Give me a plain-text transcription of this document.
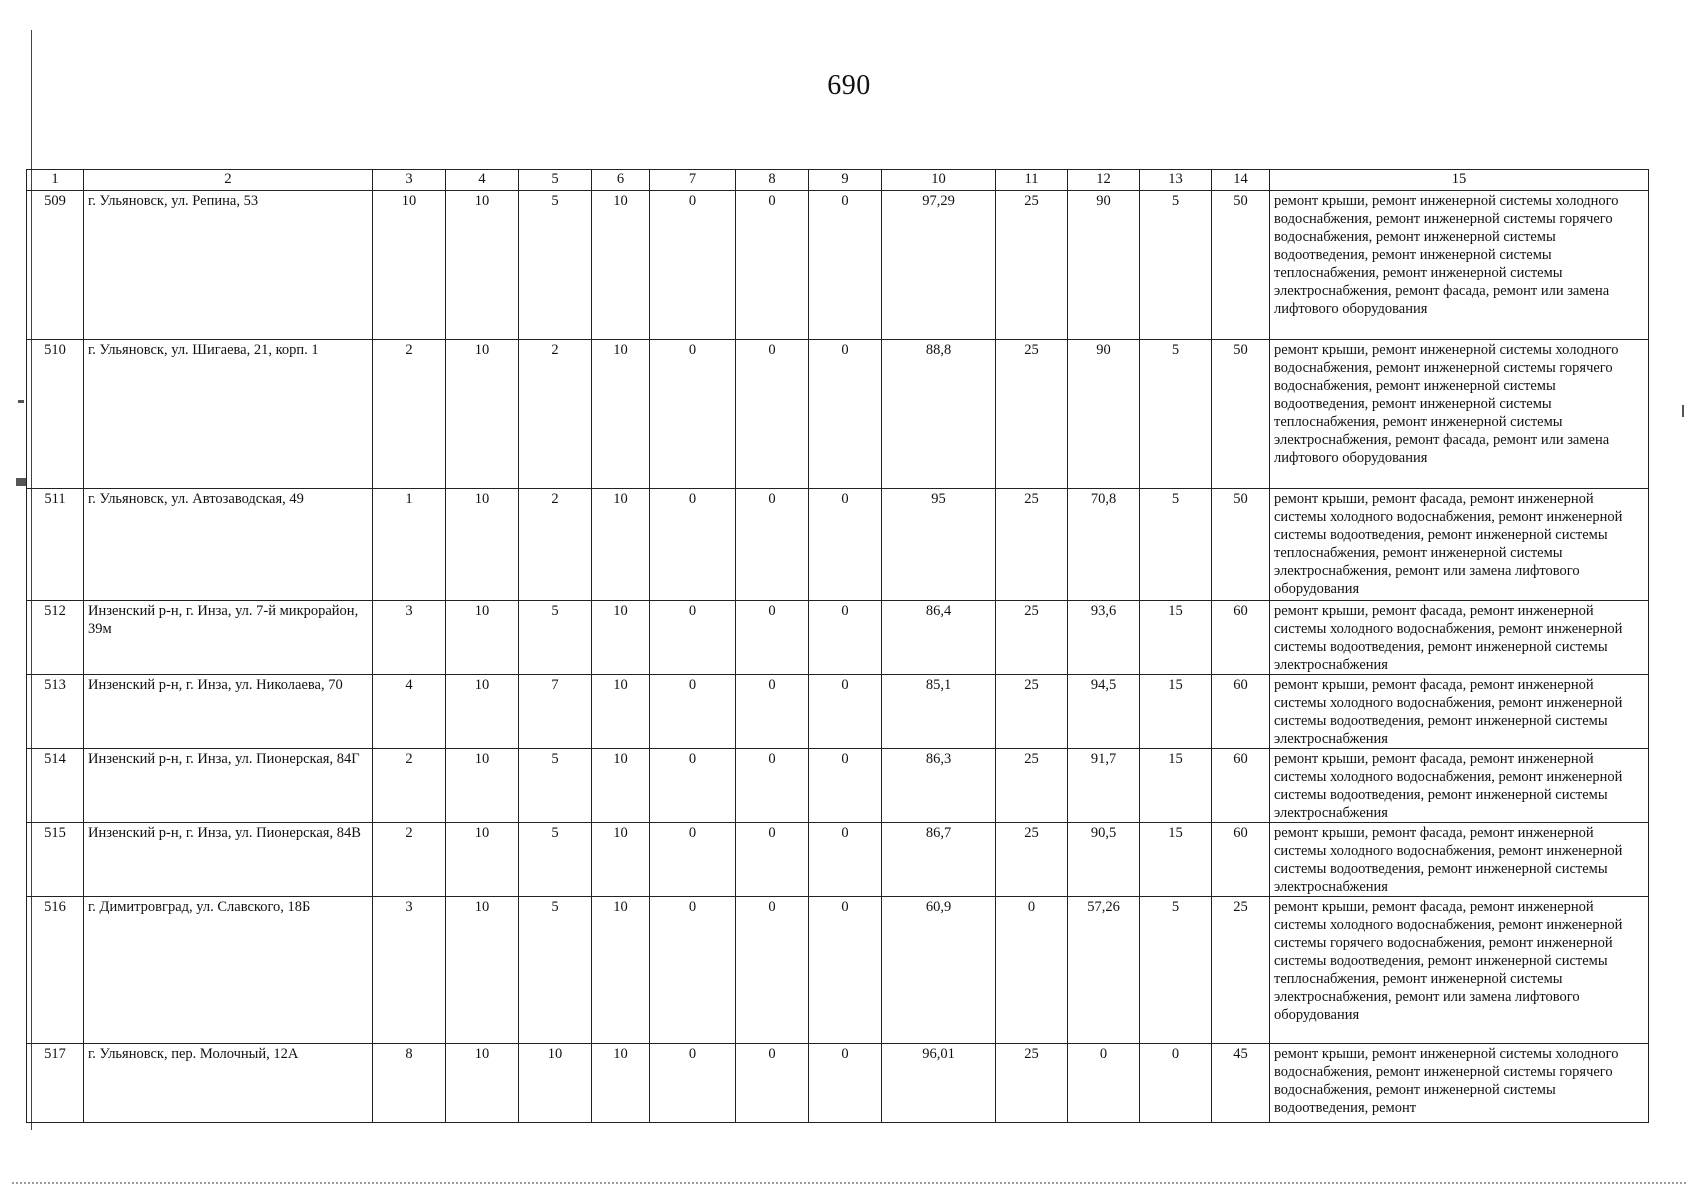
690
1	2	3	4	5	6	7	8	9	10	11	12	13	14	15
509	г. Ульяновск, ул. Репина, 53	10	10	5	10	0	0	0	97,29	25	90	5	50	ремонт крыши, ремонт инженерной системы холодного водоснабжения, ремонт инженерной системы горячего водоснабжения, ремонт инженерной системы водоотведения, ремонт инженерной системы теплоснабжения, ремонт инженерной системы электроснабжения, ремонт фасада, ремонт или замена лифтового оборудования
510	г. Ульяновск, ул. Шигаева, 21, корп. 1	2	10	2	10	0	0	0	88,8	25	90	5	50	ремонт крыши, ремонт инженерной системы холодного водоснабжения, ремонт инженерной системы горячего водоснабжения, ремонт инженерной системы водоотведения, ремонт инженерной системы теплоснабжения, ремонт инженерной системы электроснабжения, ремонт фасада, ремонт или замена лифтового оборудования
511	г. Ульяновск, ул. Автозаводская, 49	1	10	2	10	0	0	0	95	25	70,8	5	50	ремонт крыши, ремонт фасада, ремонт инженерной системы холодного водоснабжения, ремонт инженерной системы водоотведения, ремонт инженерной системы теплоснабжения, ремонт инженерной системы электроснабжения, ремонт или замена лифтового оборудования
512	Инзенский р-н, г. Инза, ул. 7-й микрорайон, 39м	3	10	5	10	0	0	0	86,4	25	93,6	15	60	ремонт крыши, ремонт фасада, ремонт инженерной системы холодного водоснабжения, ремонт инженерной системы водоотведения, ремонт инженерной системы электроснабжения
513	Инзенский р-н, г. Инза, ул. Николаева, 70	4	10	7	10	0	0	0	85,1	25	94,5	15	60	ремонт крыши, ремонт фасада, ремонт инженерной системы холодного водоснабжения, ремонт инженерной системы водоотведения, ремонт инженерной системы электроснабжения
514	Инзенский р-н, г. Инза, ул. Пионерская, 84Г	2	10	5	10	0	0	0	86,3	25	91,7	15	60	ремонт крыши, ремонт фасада, ремонт инженерной системы холодного водоснабжения, ремонт инженерной системы водоотведения, ремонт инженерной системы электроснабжения
515	Инзенский р-н, г. Инза, ул. Пионерская, 84В	2	10	5	10	0	0	0	86,7	25	90,5	15	60	ремонт крыши, ремонт фасада, ремонт инженерной системы холодного водоснабжения, ремонт инженерной системы водоотведения, ремонт инженерной системы электроснабжения
516	г. Димитровград, ул. Славского, 18Б	3	10	5	10	0	0	0	60,9	0	57,26	5	25	ремонт крыши, ремонт фасада, ремонт инженерной системы холодного водоснабжения, ремонт инженерной системы горячего водоснабжения, ремонт инженерной системы водоотведения, ремонт инженерной системы теплоснабжения, ремонт инженерной системы электроснабжения, ремонт или замена лифтового оборудования
517	г. Ульяновск, пер. Молочный, 12А	8	10	10	10	0	0	0	96,01	25	0	0	45	ремонт крыши, ремонт инженерной системы холодного водоснабжения, ремонт инженерной системы горячего водоснабжения, ремонт инженерной системы водоотведения, ремонт
